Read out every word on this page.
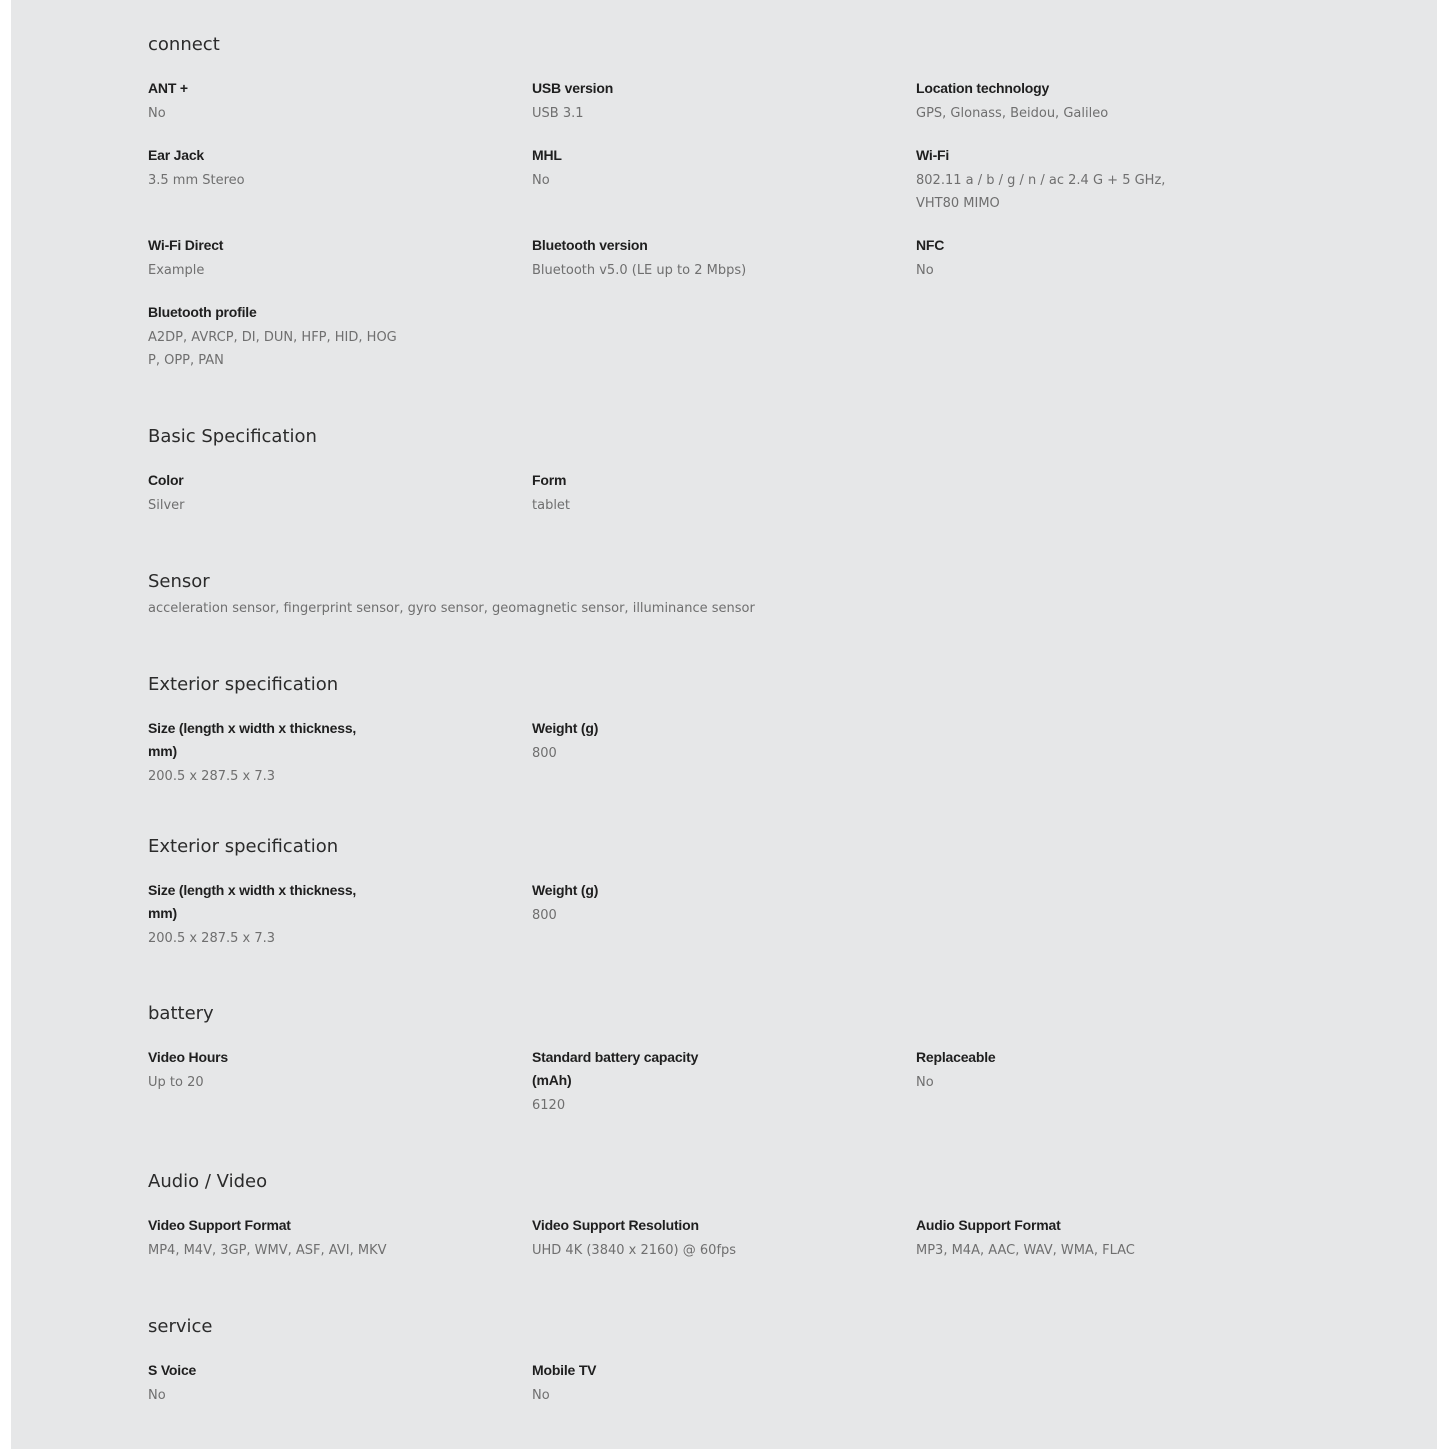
connect
ANT +
No
USB version
USB 3.1
Location technology
GPS, Glonass, Beidou, Galileo
Ear Jack
3.5 mm Stereo
MHL
No
Wi-Fi
802.11 a / b / g / n / ac 2.4 G + 5 GHz,
VHT80 MIMO
Wi-Fi Direct
Example
Bluetooth version
Bluetooth v5.0 (LE up to 2 Mbps)
NFC
No
Bluetooth profile
A2DP, AVRCP, DI, DUN, HFP, HID, HOG
P, OPP, PAN
Basic Specification
Color
Silver
Form
tablet
Sensor
acceleration sensor, fingerprint sensor, gyro sensor, geomagnetic sensor, illuminance sensor
Exterior specification
Size (length x width x thickness,
mm)
200.5 x 287.5 x 7.3
Weight (g)
800
Exterior specification
Size (length x width x thickness,
mm)
200.5 x 287.5 x 7.3
Weight (g)
800
battery
Video Hours
Up to 20
Standard battery capacity
(mAh)
6120
Replaceable
No
Audio / Video
Video Support Format
MP4, M4V, 3GP, WMV, ASF, AVI, MKV
Video Support Resolution
UHD 4K (3840 x 2160) @ 60fps
Audio Support Format
MP3, M4A, AAC, WAV, WMA, FLAC
service
S Voice
No
Mobile TV
No
